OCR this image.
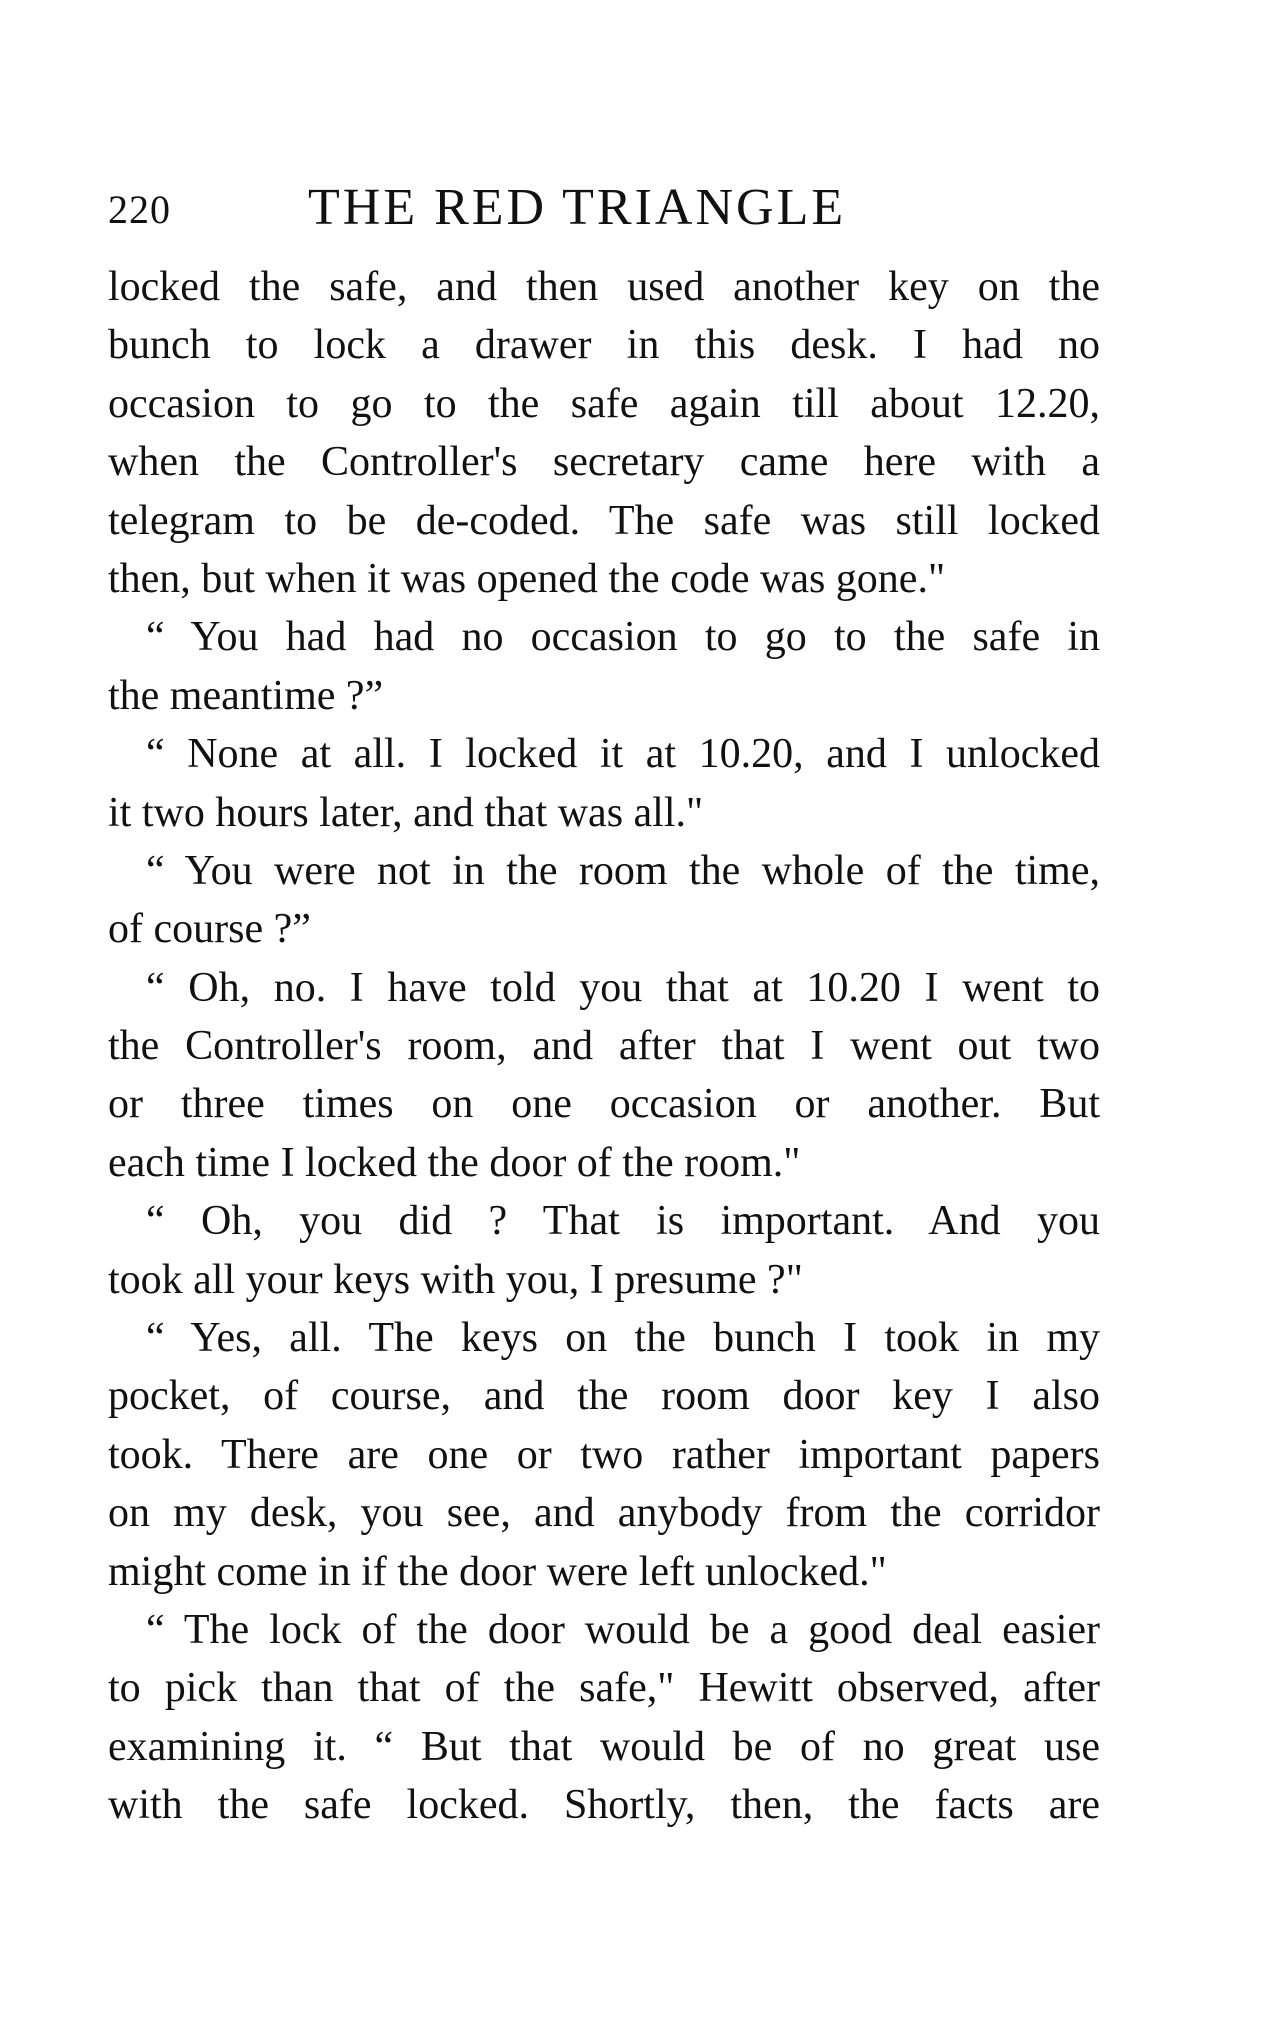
220	THE RED TRIANGLE
locked the safe, and then used another key on the
bunch to lock a drawer in this desk. I had no
occasion to go to the safe again till about 12.20,
when the Controller's secretary came here with a
telegram to be de-coded. The safe was still locked
then, but when it was opened the code was gone."
“ You had had no occasion to go to the safe in
the meantime ?”
“ None at all. I locked it at 10.20, and I unlocked
it two hours later, and that was all."
“ You were not in the room the whole of the time,
of course ?”
“ Oh, no. I have told you that at 10.20 I went to
the Controller's room, and after that I went out two
or three times on one occasion or another. But
each time I locked the door of the room."
“ Oh, you did ? That is important. And you
took all your keys with you, I presume ?"
“ Yes, all. The keys on the bunch I took in my
pocket, of course, and the room door key I also
took. There are one or two rather important papers
on my desk, you see, and anybody from the corridor
might come in if the door were left unlocked."
“ The lock of the door would be a good deal easier
to pick than that of the safe," Hewitt observed, after
examining it. “ But that would be of no great use
with the safe locked. Shortly, then, the facts are
